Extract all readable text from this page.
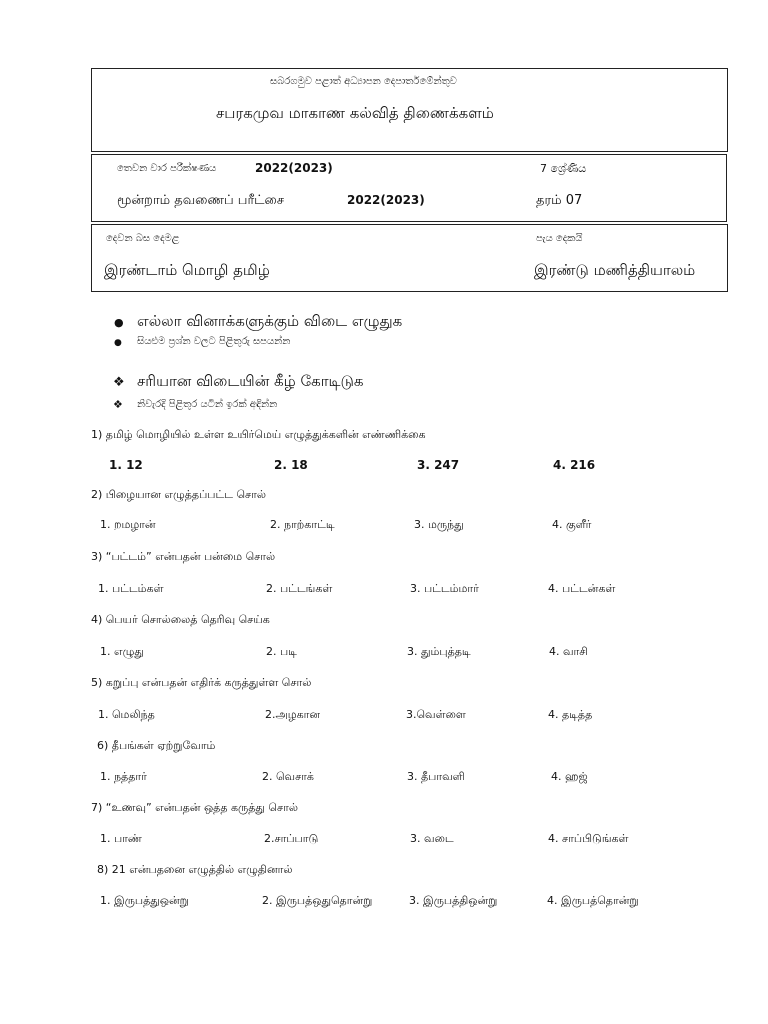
සබරගමුව පළාත් අධ්‍යාපන දෙපාර්තමේන්තුව
சபரகமுவ மாகாண கல்வித் திணைக்களம்
තෙවන වාර පරීක්ෂණය	2022(2023)	7 ශ්‍රේණිය
மூன்றாம் தவணைப் பரீட்சை	2022(2023)	தரம் 07
දෙවන බස දෙමළ	පැය දෙකයි
இரண்டாம் மொழி தமிழ்	இரண்டு மணித்தியாலம்
● எல்லா வினாக்களுக்கும் விடை எழுதுக
● සියළුම ප්‍රශ්න වලට පිළිතුරු සපයන්න
❖ சரியான விடையின் கீழ் கோடிடுக
❖ නිවැරදි පිළිතුර යටින් ඉරක් අඳින්න
1) தமிழ் மொழியில் உள்ள உயிர்மெய் எழுத்துக்களின் எண்ணிக்கை
1. 12	2. 18	3. 247	4. 216
2) பிழையான எழுத்தப்பட்ட சொல்
1. றமழான்	2. நாற்காட்டி	3. மருந்து	4. குளீர்
3) “பட்டம்” என்பதன் பன்மை சொல்
1. பட்டம்கள்	2. பட்டங்கள்	3. பட்டம்மார்	4. பட்டன்கள்
4) பெயர் சொல்லைத் தெரிவு செய்க
1. எழுது	2. படி	3. தும்புத்தடி	4. வாசி
5) கறுப்பு என்பதன் எதிர்க் கருத்துள்ள சொல்
1. மெலிந்த	2.அழகான	3.வெள்ளை	4. தடித்த
6) தீபங்கள் ஏற்றுவோம்
1. நத்தார்	2. வெசாக்	3. தீபாவளி	4. ஹஜ்
7) “உணவு” என்பதன் ஒத்த கருத்து சொல்
1. பாண்	2.சாப்பாடு	3. வடை	4. சாப்பிடுங்கள்
8) 21 என்பதனை எழுத்தில் எழுதினால்
1. இருபத்துஒன்று	2. இருபத்ஒதுதொன்று	3. இருபத்திஒன்று	4. இருபத்தொன்று
